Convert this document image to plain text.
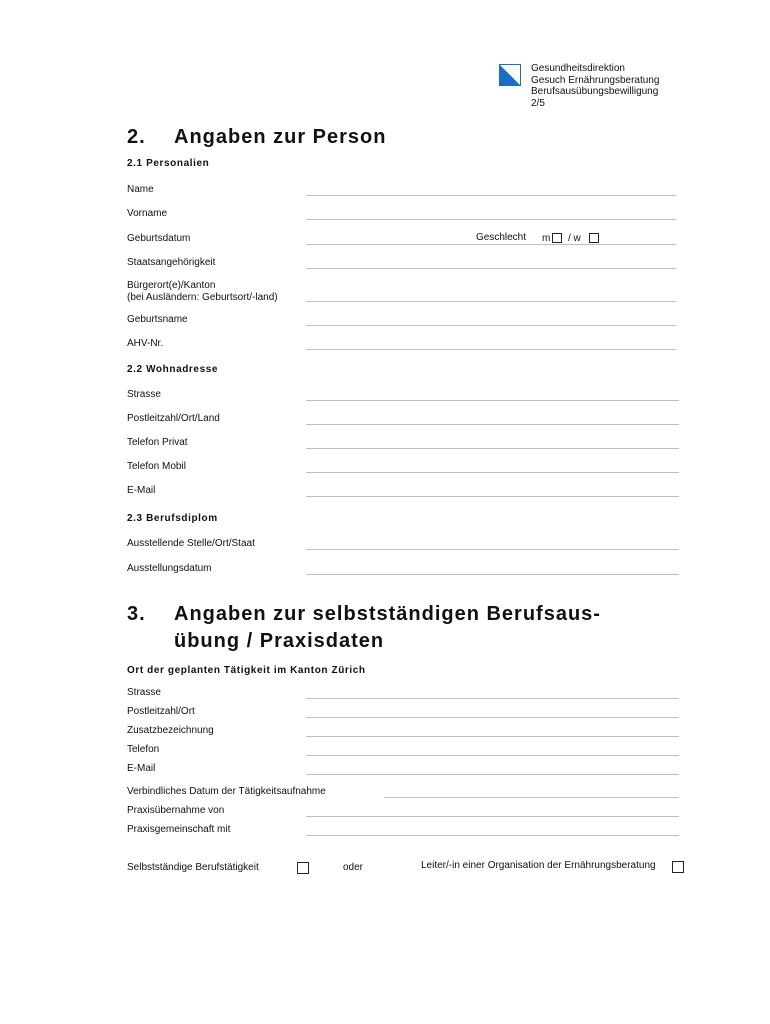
Gesundheitsdirektion
Gesuch Ernährungsberatung
Berufsausübungsbewilligung
2/5
2. Angaben zur Person
2.1 Personalien
Name
Vorname
Geburtsdatum	Geschlecht m / w
Staatsangehörigkeit
Bürgerort(e)/Kanton
(bei Ausländern: Geburtsort/-land)
Geburtsname
AHV-Nr.
2.2 Wohnadresse
Strasse
Postleitzahl/Ort/Land
Telefon Privat
Telefon Mobil
E-Mail
2.3 Berufsdiplom
Ausstellende Stelle/Ort/Staat
Ausstellungsdatum
3. Angaben zur selbstständigen Berufsaus-
übung / Praxisdaten
Ort der geplanten Tätigkeit im Kanton Zürich
Strasse
Postleitzahl/Ort
Zusatzbezeichnung
Telefon
E-Mail
Verbindliches Datum der Tätigkeitsaufnahme
Praxisübernahme von
Praxisgemeinschaft mit
Selbstständige Berufstätigkeit	oder	Leiter/-in einer Organisation der Ernährungsberatung
